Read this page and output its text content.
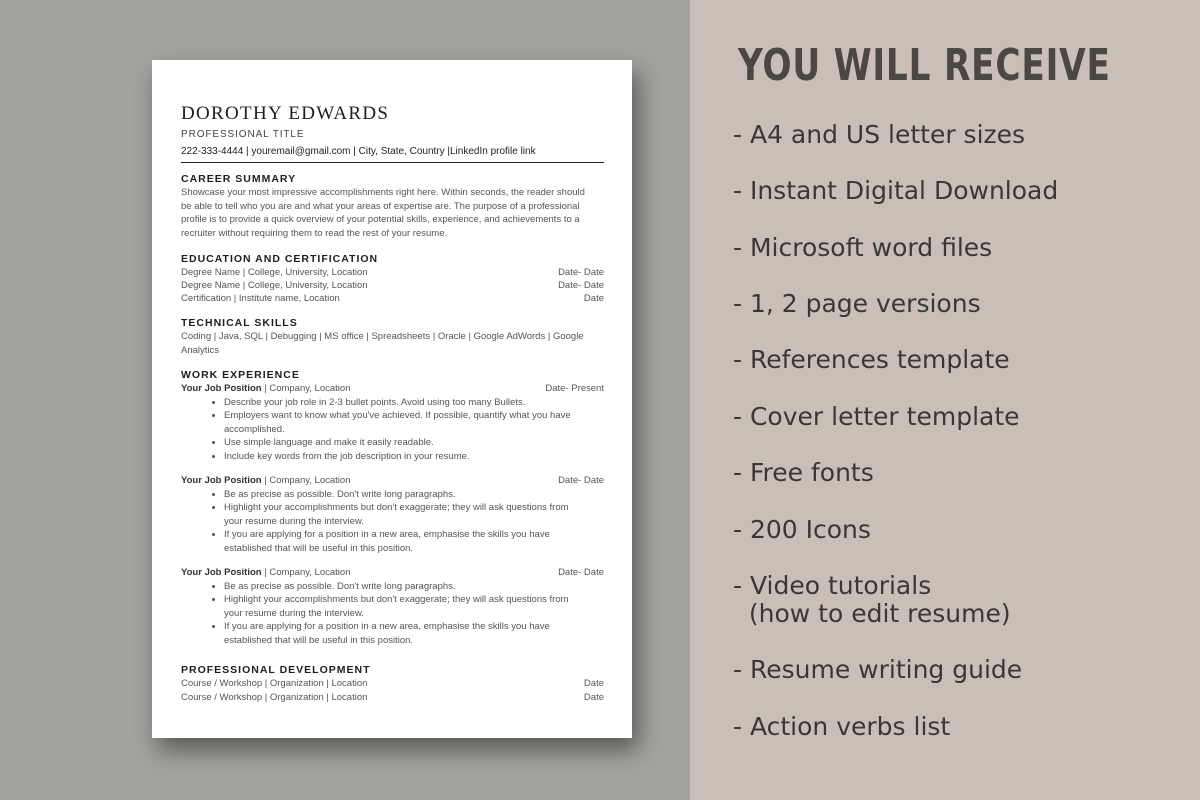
DOROTHY EDWARDS
PROFESSIONAL TITLE
222-333-4444 | youremail@gmail.com | City, State, Country |LinkedIn profile link
CAREER SUMMARY
Showcase your most impressive accomplishments right here. Within seconds, the reader should
be able to tell who you are and what your areas of expertise are. The purpose of a professional
profile is to provide a quick overview of your potential skills, experience, and achievements to a
recruiter without requiring them to read the rest of your resume.
EDUCATION AND CERTIFICATION
Degree Name | College, University, Location	Date- Date
Degree Name | College, University, Location	Date- Date
Certification | Institute name, Location	Date
TECHNICAL SKILLS
Coding | Java, SQL | Debugging | MS office | Spreadsheets | Oracle | Google AdWords | Google
Analytics
WORK EXPERIENCE
Your Job Position | Company, Location	Date- Present
• Describe your job role in 2-3 bullet points. Avoid using too many Bullets.
• Employers want to know what you've achieved. If possible, quantify what you have
accomplished.
• Use simple language and make it easily readable.
• Include key words from the job description in your resume.
Your Job Position | Company, Location	Date- Date
• Be as precise as possible. Don't write long paragraphs.
• Highlight your accomplishments but don't exaggerate; they will ask questions from
your resume during the interview.
• If you are applying for a position in a new area, emphasise the skills you have
established that will be useful in this position.
Your Job Position | Company, Location	Date- Date
• Be as precise as possible. Don't write long paragraphs.
• Highlight your accomplishments but don't exaggerate; they will ask questions from
your resume during the interview.
• If you are applying for a position in a new area, emphasise the skills you have
established that will be useful in this position.
PROFESSIONAL DEVELOPMENT
Course / Workshop | Organization | Location	Date
Course / Workshop | Organization | Location	Date
YOU WILL RECEIVE
- A4 and US letter sizes
- Instant Digital Download
- Microsoft word files
- 1, 2 page versions
- References template
- Cover letter template
- Free fonts
- 200 Icons
- Video tutorials
(how to edit resume)
- Resume writing guide
- Action verbs list
